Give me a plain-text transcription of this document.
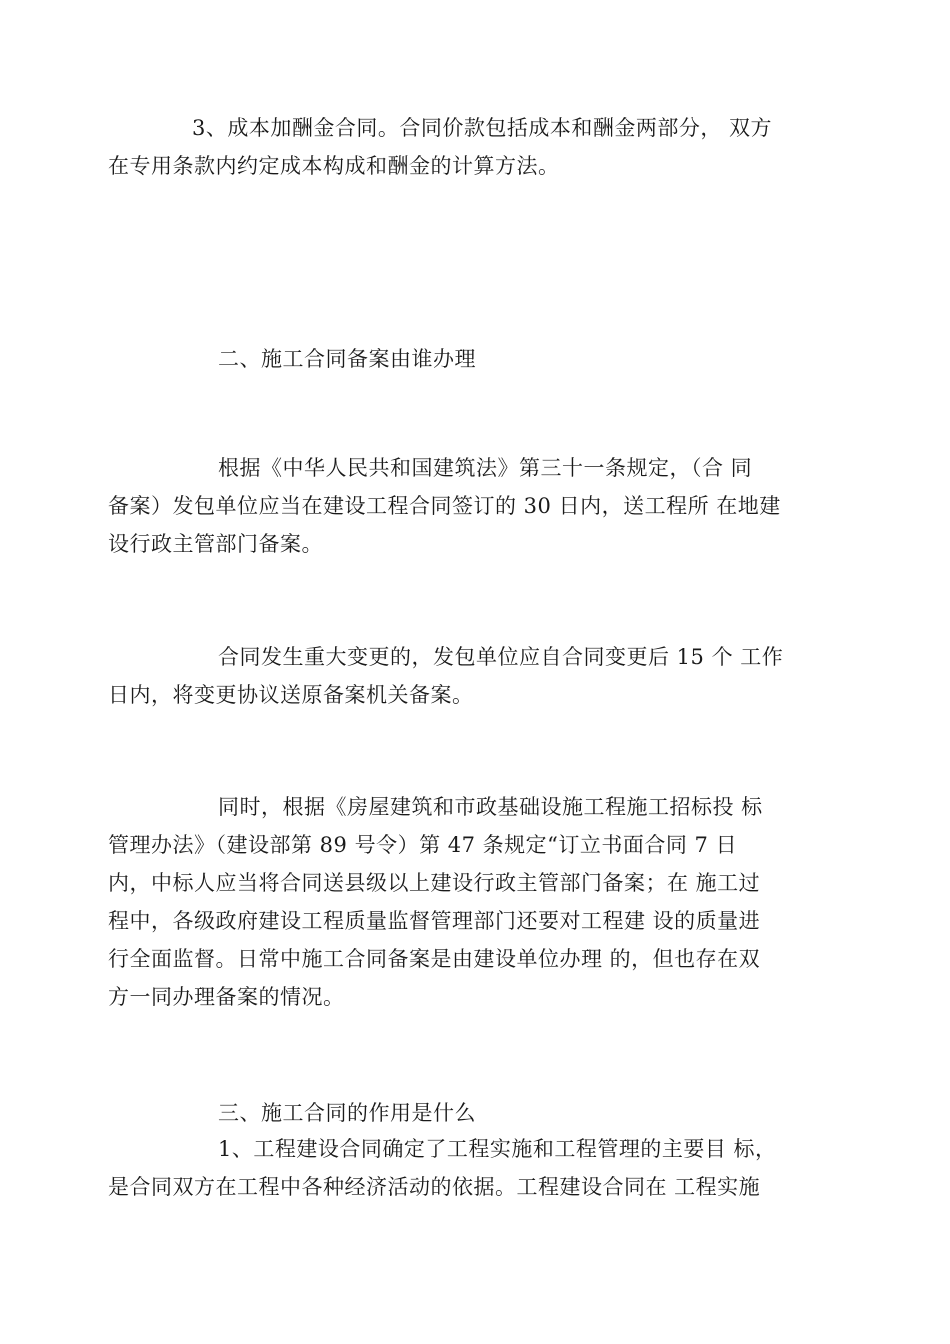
3、成本加酬金合同。合同价款包括成本和酬金两部分， 双方
在专用条款内约定成本构成和酬金的计算方法。
二、施工合同备案由谁办理
根据《中华人民共和国建筑法》第三十一条规定，（合 同
备案）发包单位应当在建设工程合同签订的 30 日内，送工程所 在地建
设行政主管部门备案。
合同发生重大变更的，发包单位应自合同变更后 15 个 工作
日内，将变更协议送原备案机关备案。
同时，根据《房屋建筑和市政基础设施工程施工招标投 标
管理办法》（建设部第 89 号令）第 47 条规定“订立书面合同 7 日
内，中标人应当将合同送县级以上建设行政主管部门备案；在 施工过
程中，各级政府建设工程质量监督管理部门还要对工程建 设的质量进
行全面监督。日常中施工合同备案是由建设单位办理 的，但也存在双
方一同办理备案的情况。
三、施工合同的作用是什么
1、工程建设合同确定了工程实施和工程管理的主要目 标，
是合同双方在工程中各种经济活动的依据。工程建设合同在 工程实施
